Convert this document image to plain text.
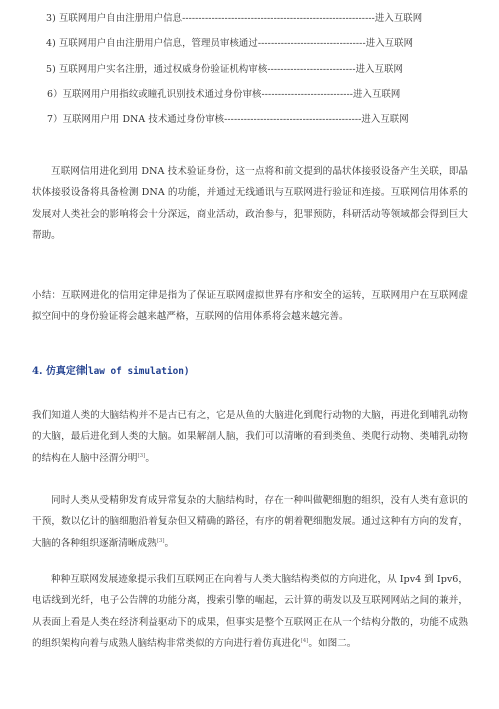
3) 互联网用户自由注册用户信息-----------------------------------------------------------进入互联网
4) 互联网用户自由注册用户信息，管理员审核通过---------------------------------进入互联网
5) 互联网用户实名注册，通过权威身份验证机构审核---------------------------进入互联网
6）互联网用户用指纹或瞳孔识别技术通过身份审核----------------------------进入互联网
7）互联网用户用 DNA 技术通过身份审核------------------------------------------进入互联网

互联网信用进化到用 DNA 技术验证身份，这一点将和前文提到的晶状体接驳设备产生关联，即晶状体接驳设备将具备检测 DNA 的功能，并通过无线通讯与互联网进行验证和连接。互联网信用体系的发展对人类社会的影响将会十分深远，商业活动，政治参与，犯罪预防，科研活动等领域都会得到巨大帮助。

小结：互联网进化的信用定律是指为了保证互联网虚拟世界有序和安全的运转，互联网用户在互联网虚拟空间中的身份验证将会越来越严格，互联网的信用体系将会越来越完善。

4. 仿真定律 law of simulation)

我们知道人类的大脑结构并不是古已有之，它是从鱼的大脑进化到爬行动物的大脑，再进化到哺乳动物的大脑，最后进化到人类的大脑。如果解剖人脑，我们可以清晰的看到类鱼、类爬行动物、类哺乳动物的结构在人脑中泾渭分明[3]。

同时人类从受精卵发育成异常复杂的大脑结构时，存在一种叫做靶细胞的组织，没有人类有意识的干预，数以亿计的脑细胞沿着复杂但又精确的路径，有序的朝着靶细胞发展。通过这种有方向的发育，大脑的各种组织逐渐清晰成熟[3]。

种种互联网发展迹象提示我们互联网正在向着与人类大脑结构类似的方向进化，从 Ipv4 到 Ipv6，电话线到光纤，电子公告牌的功能分离，搜索引擎的崛起，云计算的萌发以及互联网网站之间的兼并，从表面上看是人类在经济利益驱动下的成果，但事实是整个互联网正在从一个结构分散的，功能不成熟的组织架构向着与成熟人脑结构非常类似的方向进行着仿真进化[4]。如图二。
